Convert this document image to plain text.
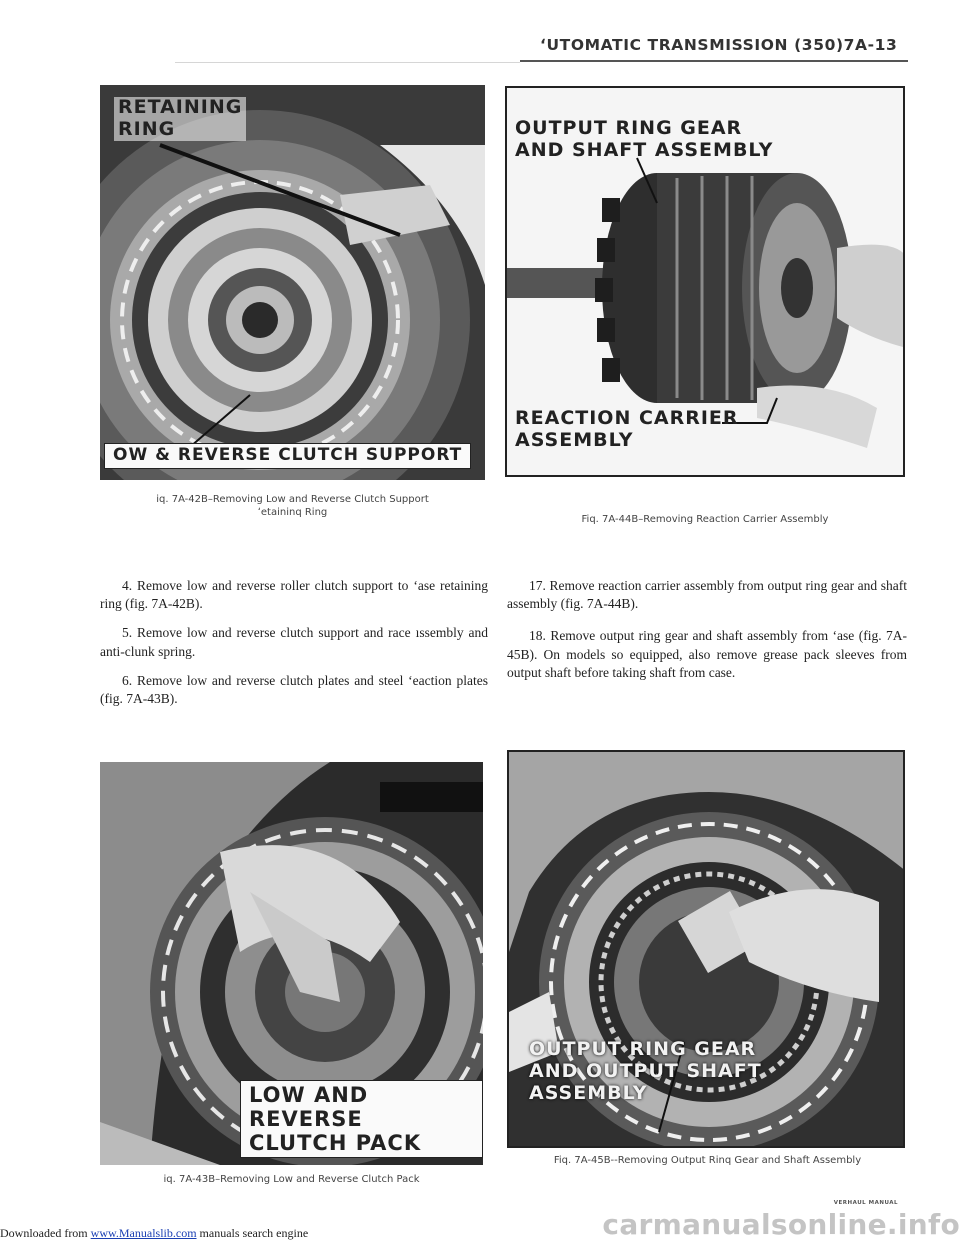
ʻUTOMATIC TRANSMISSION (350)7A-13
RETAINING
RING
OW & REVERSE CLUTCH SUPPORT
iq. 7A-42B–Removing Low and Reverse Clutch Support
ʻetaininq Ring
OUTPUT RING GEAR
AND SHAFT ASSEMBLY
REACTION CARRIER
ASSEMBLY
Fiq. 7A-44B–Removing Reaction Carrier Assembly

4. Remove low and reverse roller clutch support to ʻase retaining ring (fig. 7A-42B).

5. Remove low and reverse clutch support and race ıssembly and anti-clunk spring.

6. Remove low and reverse clutch plates and steel ʻeaction plates (fig. 7A-43B).

17. Remove reaction carrier assembly from output ring gear and shaft assembly (fig. 7A-44B).

18. Remove output ring gear and shaft assembly from ʻase (fig. 7A-45B). On models so equipped, also remove grease pack sleeves from output shaft before taking shaft from case.

LOW AND REVERSE
CLUTCH PACK
iq. 7A-43B–Removing Low and Reverse Clutch Pack
OUTPUT RING GEAR
AND OUTPUT SHAFT
ASSEMBLY
Fiq. 7A-45B--Removing Output Rinq Gear and Shaft Assembly
VERHAUL MANUAL
carmanualsonline.info
Downloaded from www.Manualslib.com manuals search engine
